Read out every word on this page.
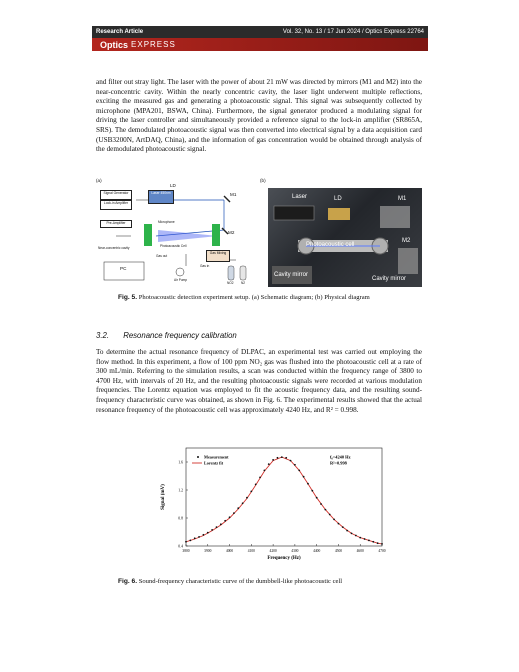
Research Article	Vol. 32, No. 13 / 17 Jun 2024 / Optics Express 22764
Optics EXPRESS

and filter out stray light. The laser with the power of about 21 mW was directed by mirrors (M1 and M2) into the near-concentric cavity. Within the nearly concentric cavity, the laser light underwent multiple reflections, exciting the measured gas and generating a photoacoustic signal. This signal was subsequently collected by microphone (MPA201, BSWA, China). Furthermore, the signal generator produced a modulating signal for driving the laser controller and simultaneously provided a reference signal to the lock-in amplifier (SR865A, SRS). The demodulated photoacoustic signal was then converted into electrical signal by a data acquisition card (USB3200N, ArtDAQ, China), and the information of gas concentration would be obtained through analysis of the demodulated photoacoustic signal.

(a)
Signal Generator
Lock-in Amplifier
Pre-Amplifier
Laser 450nm
LD
M1
M2
Microphone
Photoacoustic Cell
Near-concentric cavity
Gas out
Gas in
Gas Mixing
PC
Air Pump
NO2 N2
(b)
Laser	LD	M1
M2
Photoacoustic cell
Cavity mirror
Cavity mirror

Fig. 5. Photoacoustic detection experiment setup. (a) Schematic diagram; (b) Physical diagram

3.2. Resonance frequency calibration

To determine the actual resonance frequency of DLPAC, an experimental test was carried out employing the flow method. In this experiment, a flow of 100 ppm NO₂ gas was flushed into the photoacoustic cell at a rate of 300 mL/min. Referring to the simulation results, a scan was conducted within the frequency range of 3800 to 4700 Hz, with intervals of 20 Hz, and the resulting photoacoustic signals were recorded at various modulation frequencies. The Lorentz equation was employed to fit the acoustic frequency data, and the resulting sound-frequency characteristic curve was obtained, as shown in Fig. 6. The experimental results showed that the actual resonance frequency of the photoacoustic cell was approximately 4240 Hz, and R² = 0.998.

3800	3900	4000	4100	4200	4300	4400	4500	4600	4700
0.4
0.8
1.2
1.6
Frequency (Hz)
Signal (mV)
Measurement
Lorentz fit
f₀=4240 Hz
R²=0.998

Fig. 6. Sound-frequency characteristic curve of the dumbbell-like photoacoustic cell
